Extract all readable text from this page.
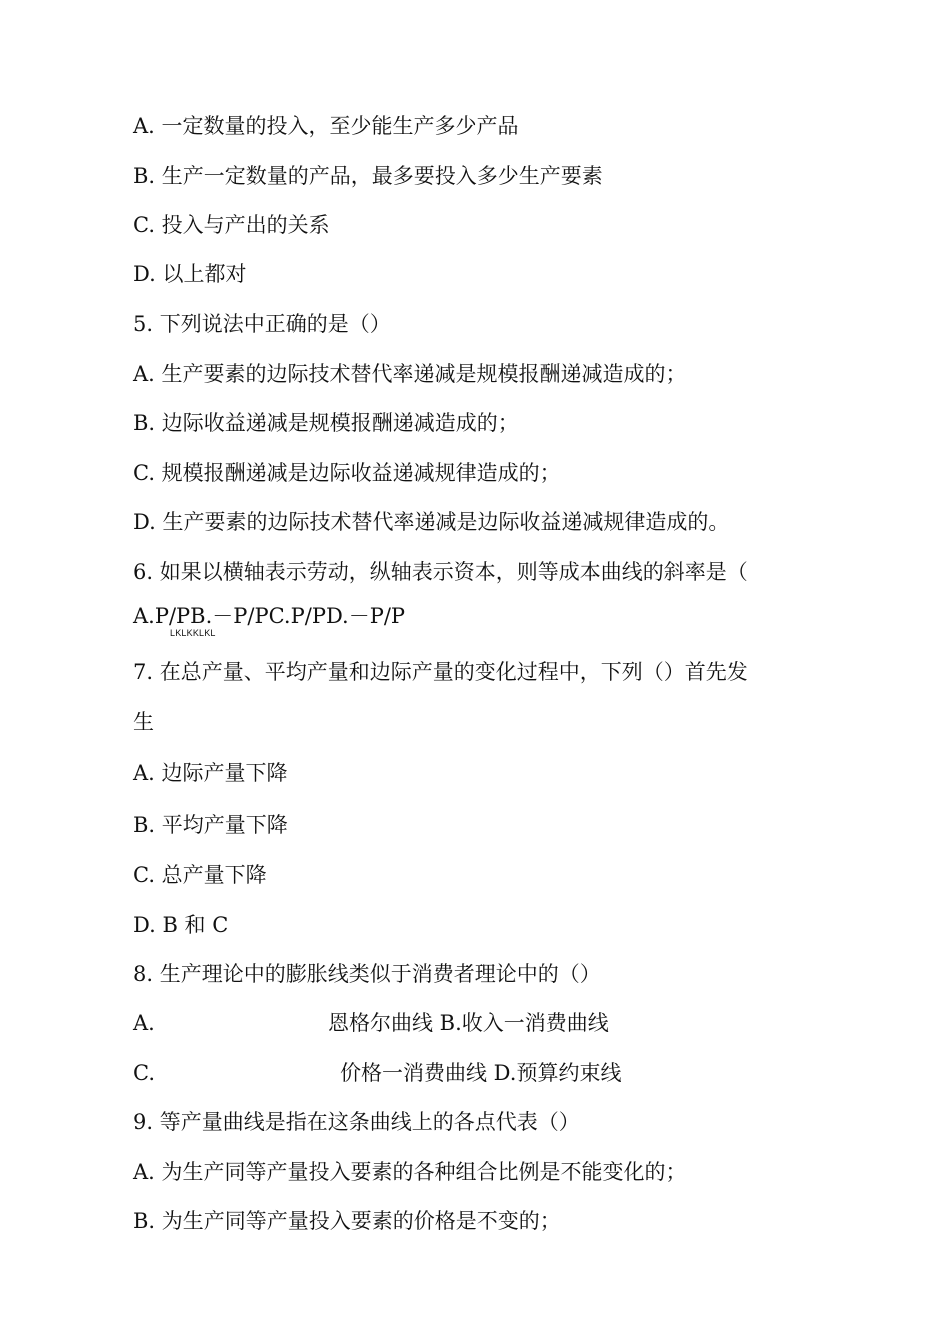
A. 一定数量的投入，至少能生产多少产品
B. 生产一定数量的产品，最多要投入多少生产要素
C. 投入与产出的关系
D. 以上都对
5. 下列说法中正确的是（）
A. 生产要素的边际技术替代率递减是规模报酬递减造成的；
B. 边际收益递减是规模报酬递减造成的；
C. 规模报酬递减是边际收益递减规律造成的；
D. 生产要素的边际技术替代率递减是边际收益递减规律造成的。
6. 如果以横轴表示劳动，纵轴表示资本，则等成本曲线的斜率是（
A.P/PB.－P/PC.P/PD.－P/P
LKLKKLKL
7. 在总产量、平均产量和边际产量的变化过程中，下列（）首先发
生
A. 边际产量下降
B. 平均产量下降
C. 总产量下降
D. B 和 C
8. 生产理论中的膨胀线类似于消费者理论中的（）
A.	恩格尔曲线 B.收入一消费曲线
C.	价格一消费曲线 D.预算约束线
9. 等产量曲线是指在这条曲线上的各点代表（）
A. 为生产同等产量投入要素的各种组合比例是不能变化的；
B. 为生产同等产量投入要素的价格是不变的；
